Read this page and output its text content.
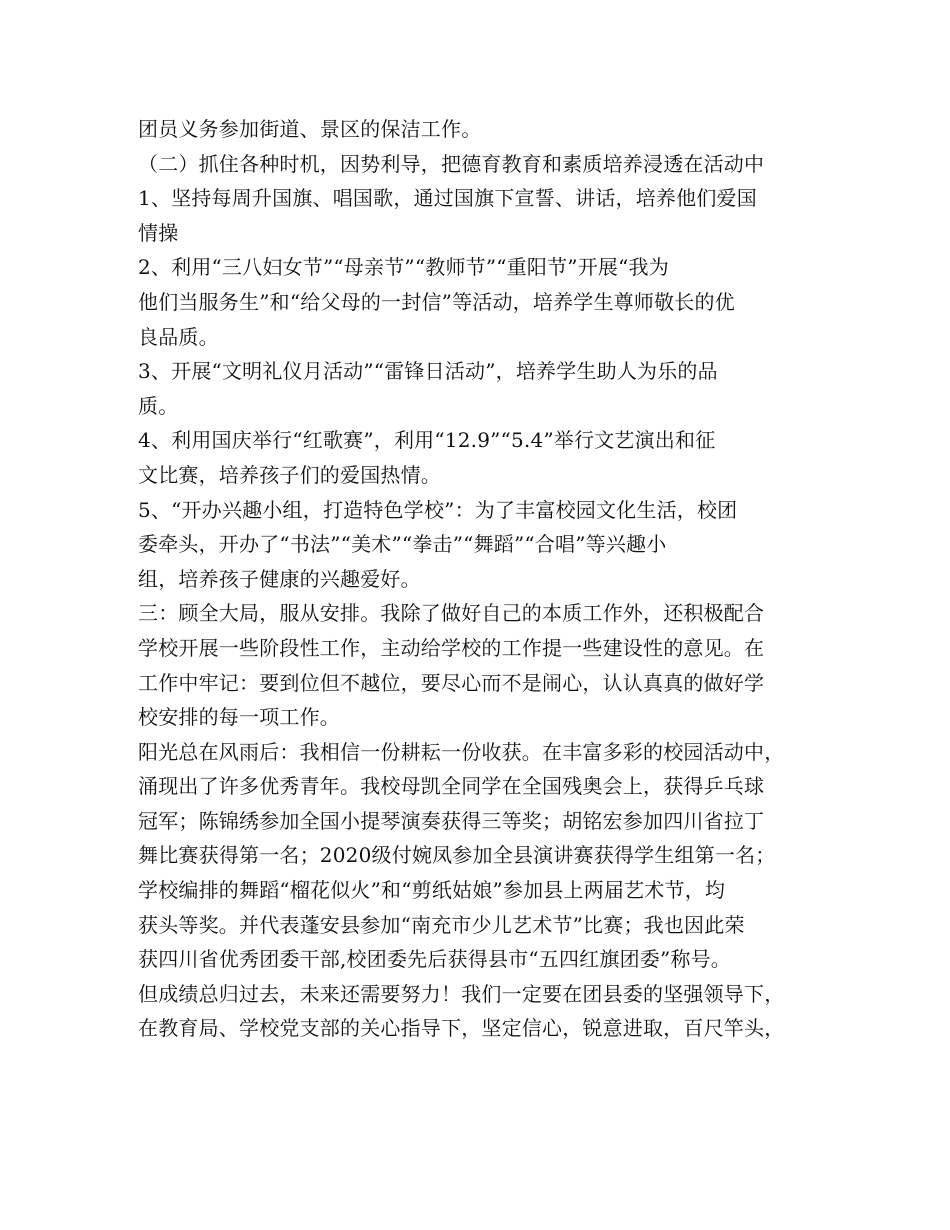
团员义务参加街道、景区的保洁工作。
（二）抓住各种时机，因势利导，把德育教育和素质培养浸透在活动中
1、坚持每周升国旗、唱国歌，通过国旗下宣誓、讲话，培养他们爱国
情操
2、利用“三八妇女节”“母亲节”“教师节”“重阳节”开展“我为
他们当服务生”和“给父母的一封信”等活动，培养学生尊师敬长的优
良品质。
3、开展“文明礼仪月活动”“雷锋日活动”，培养学生助人为乐的品
质。
4、利用国庆举行“红歌赛”，利用“12.9”“5.4”举行文艺演出和征
文比赛，培养孩子们的爱国热情。
5、“开办兴趣小组，打造特色学校”：为了丰富校园文化生活，校团
委牵头，开办了“书法”“美术”“拳击”“舞蹈”“合唱”等兴趣小
组，培养孩子健康的兴趣爱好。
三：顾全大局，服从安排。我除了做好自己的本质工作外，还积极配合
学校开展一些阶段性工作，主动给学校的工作提一些建设性的意见。在
工作中牢记：要到位但不越位，要尽心而不是闹心，认认真真的做好学
校安排的每一项工作。
阳光总在风雨后：我相信一份耕耘一份收获。在丰富多彩的校园活动中，
涌现出了许多优秀青年。我校母凯全同学在全国残奥会上，获得乒乓球
冠军；陈锦绣参加全国小提琴演奏获得三等奖；胡铭宏参加四川省拉丁
舞比赛获得第一名；2020级付婉凤参加全县演讲赛获得学生组第一名；
学校编排的舞蹈“榴花似火”和“剪纸姑娘”参加县上两届艺术节，均
获头等奖。并代表蓬安县参加“南充市少儿艺术节”比赛；我也因此荣
获四川省优秀团委干部,校团委先后获得县市“五四红旗团委”称号。
但成绩总归过去，未来还需要努力！我们一定要在团县委的坚强领导下，
在教育局、学校党支部的关心指导下，坚定信心，锐意进取，百尺竿头，
